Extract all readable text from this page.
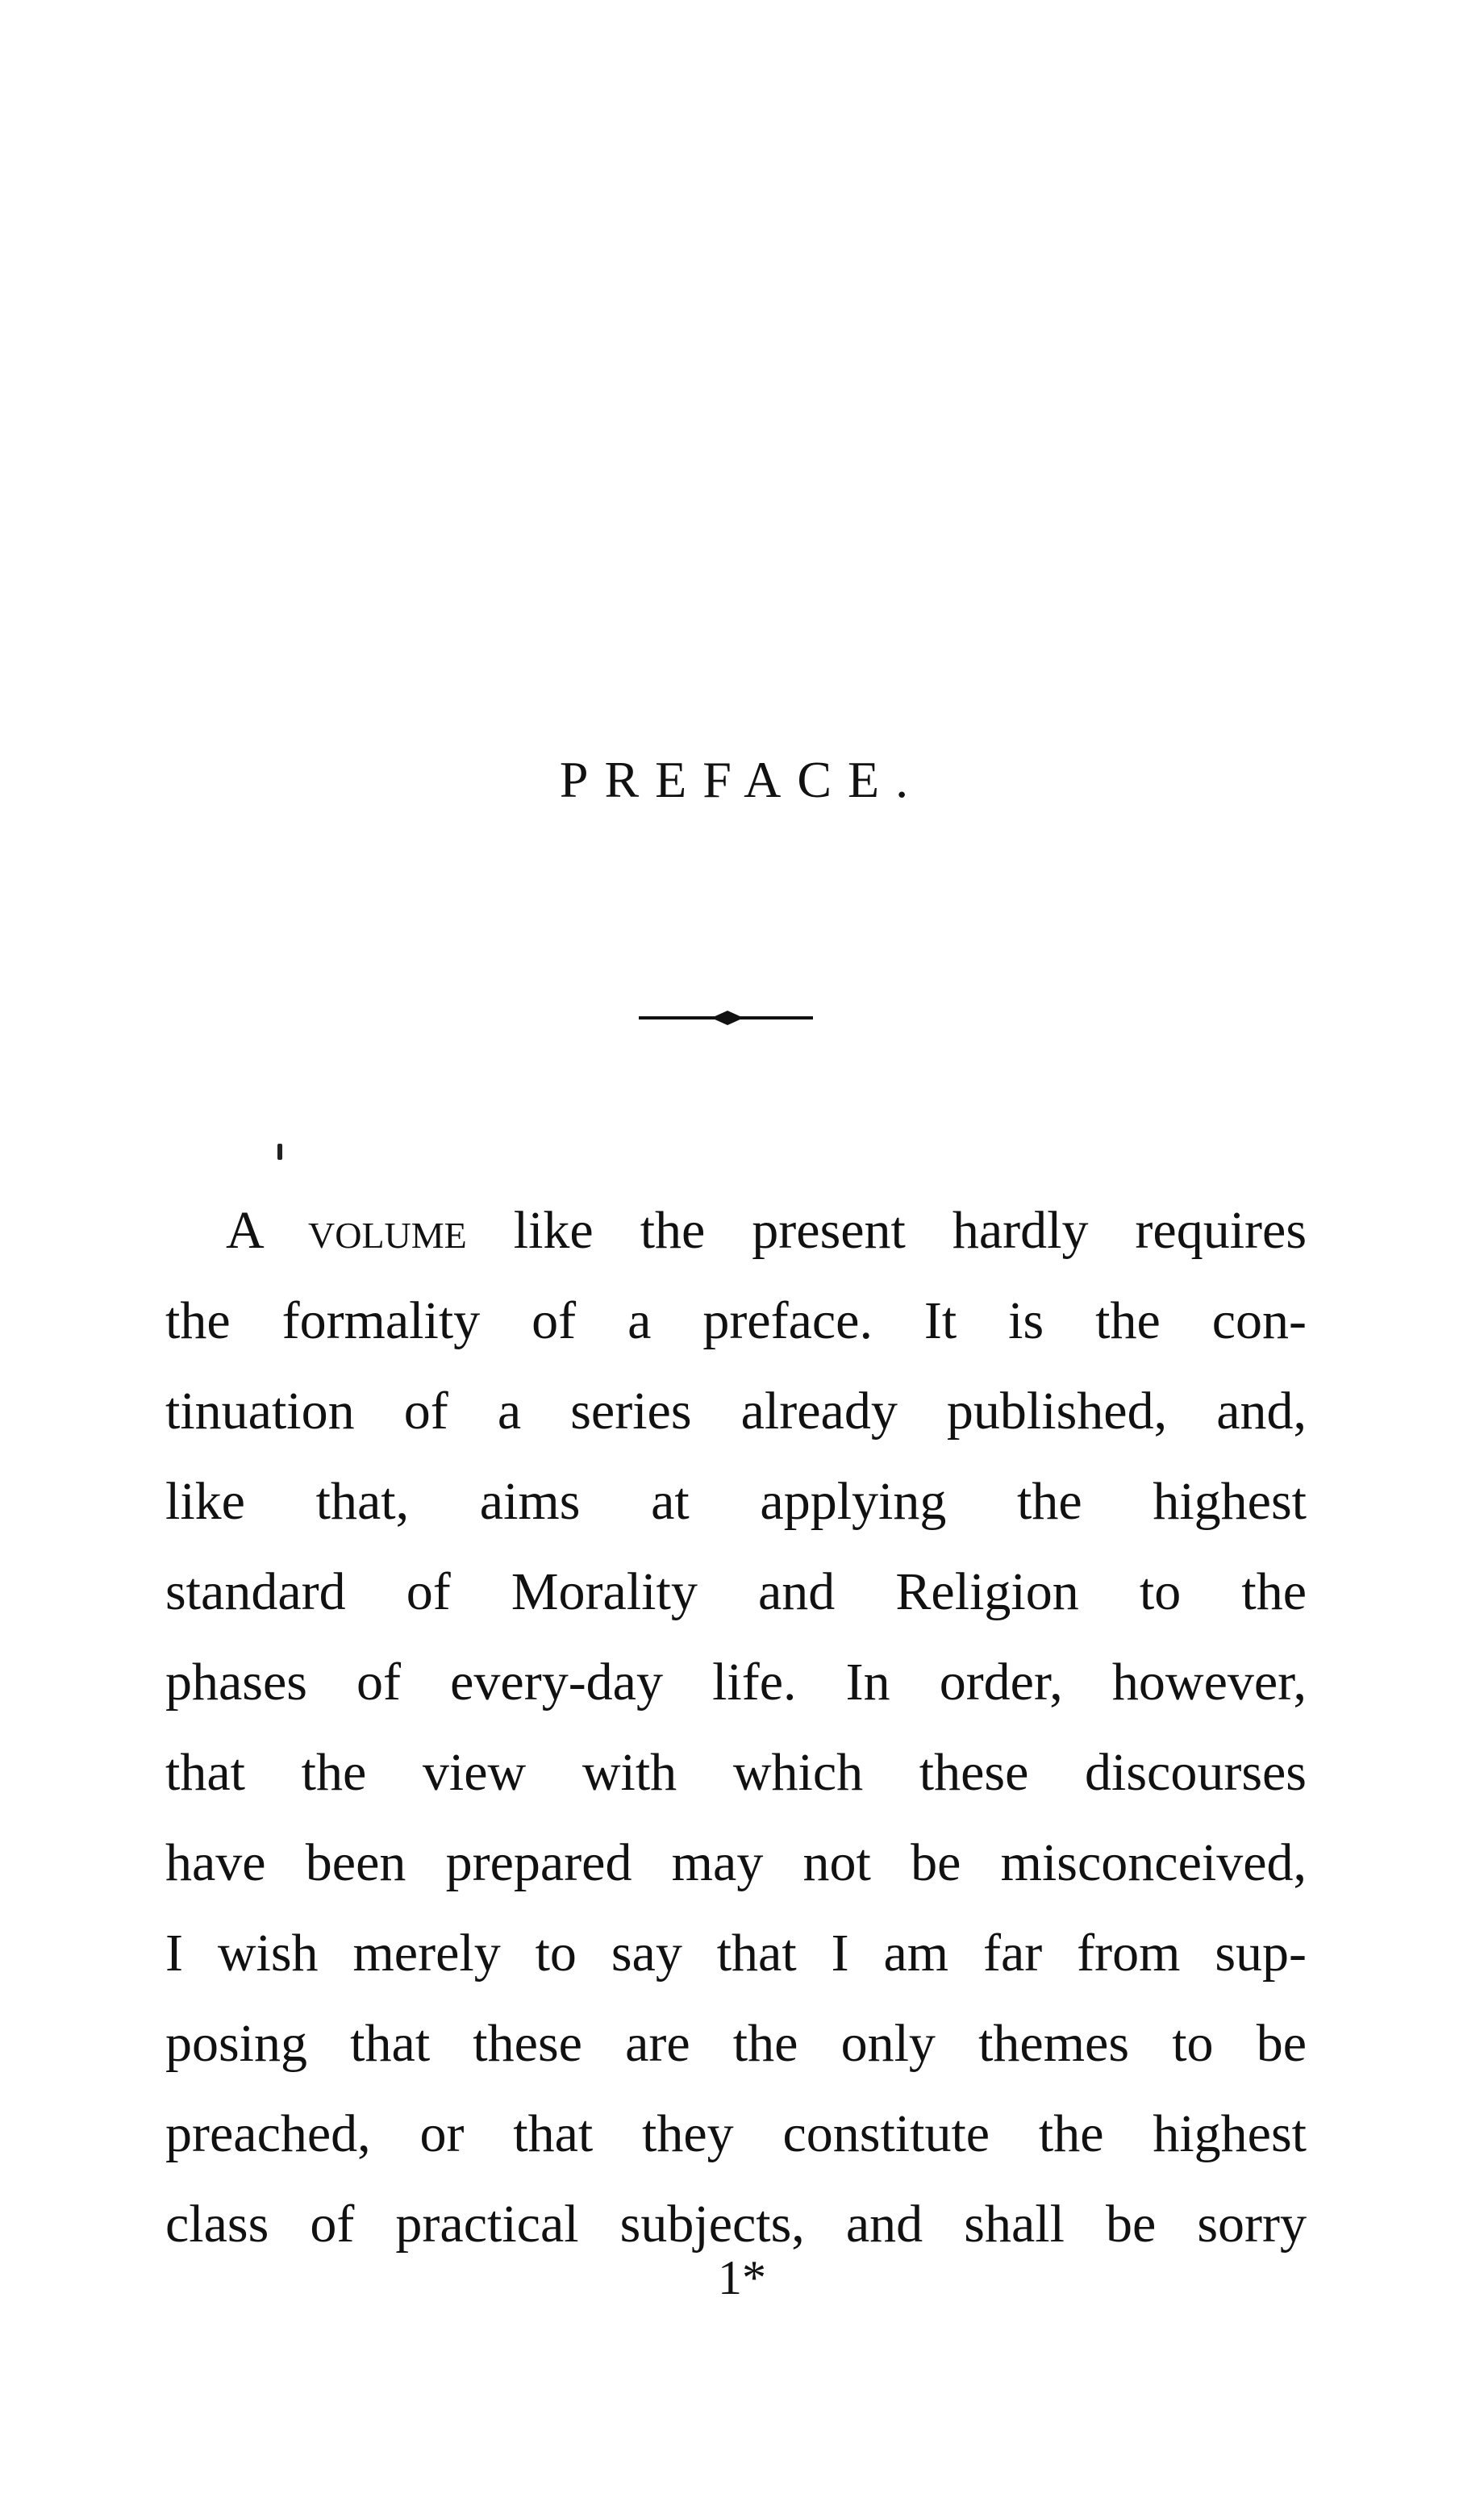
PREFACE.
A volume like the present hardly requires
the formality of a preface. It is the con-
tinuation of a series already published, and,
like that, aims at applying the highest
standard of Morality and Religion to the
phases of every-day life. In order, however,
that the view with which these discourses
have been prepared may not be misconceived,
I wish merely to say that I am far from sup-
posing that these are the only themes to be
preached, or that they constitute the highest
class of practical subjects, and shall be sorry
1*
